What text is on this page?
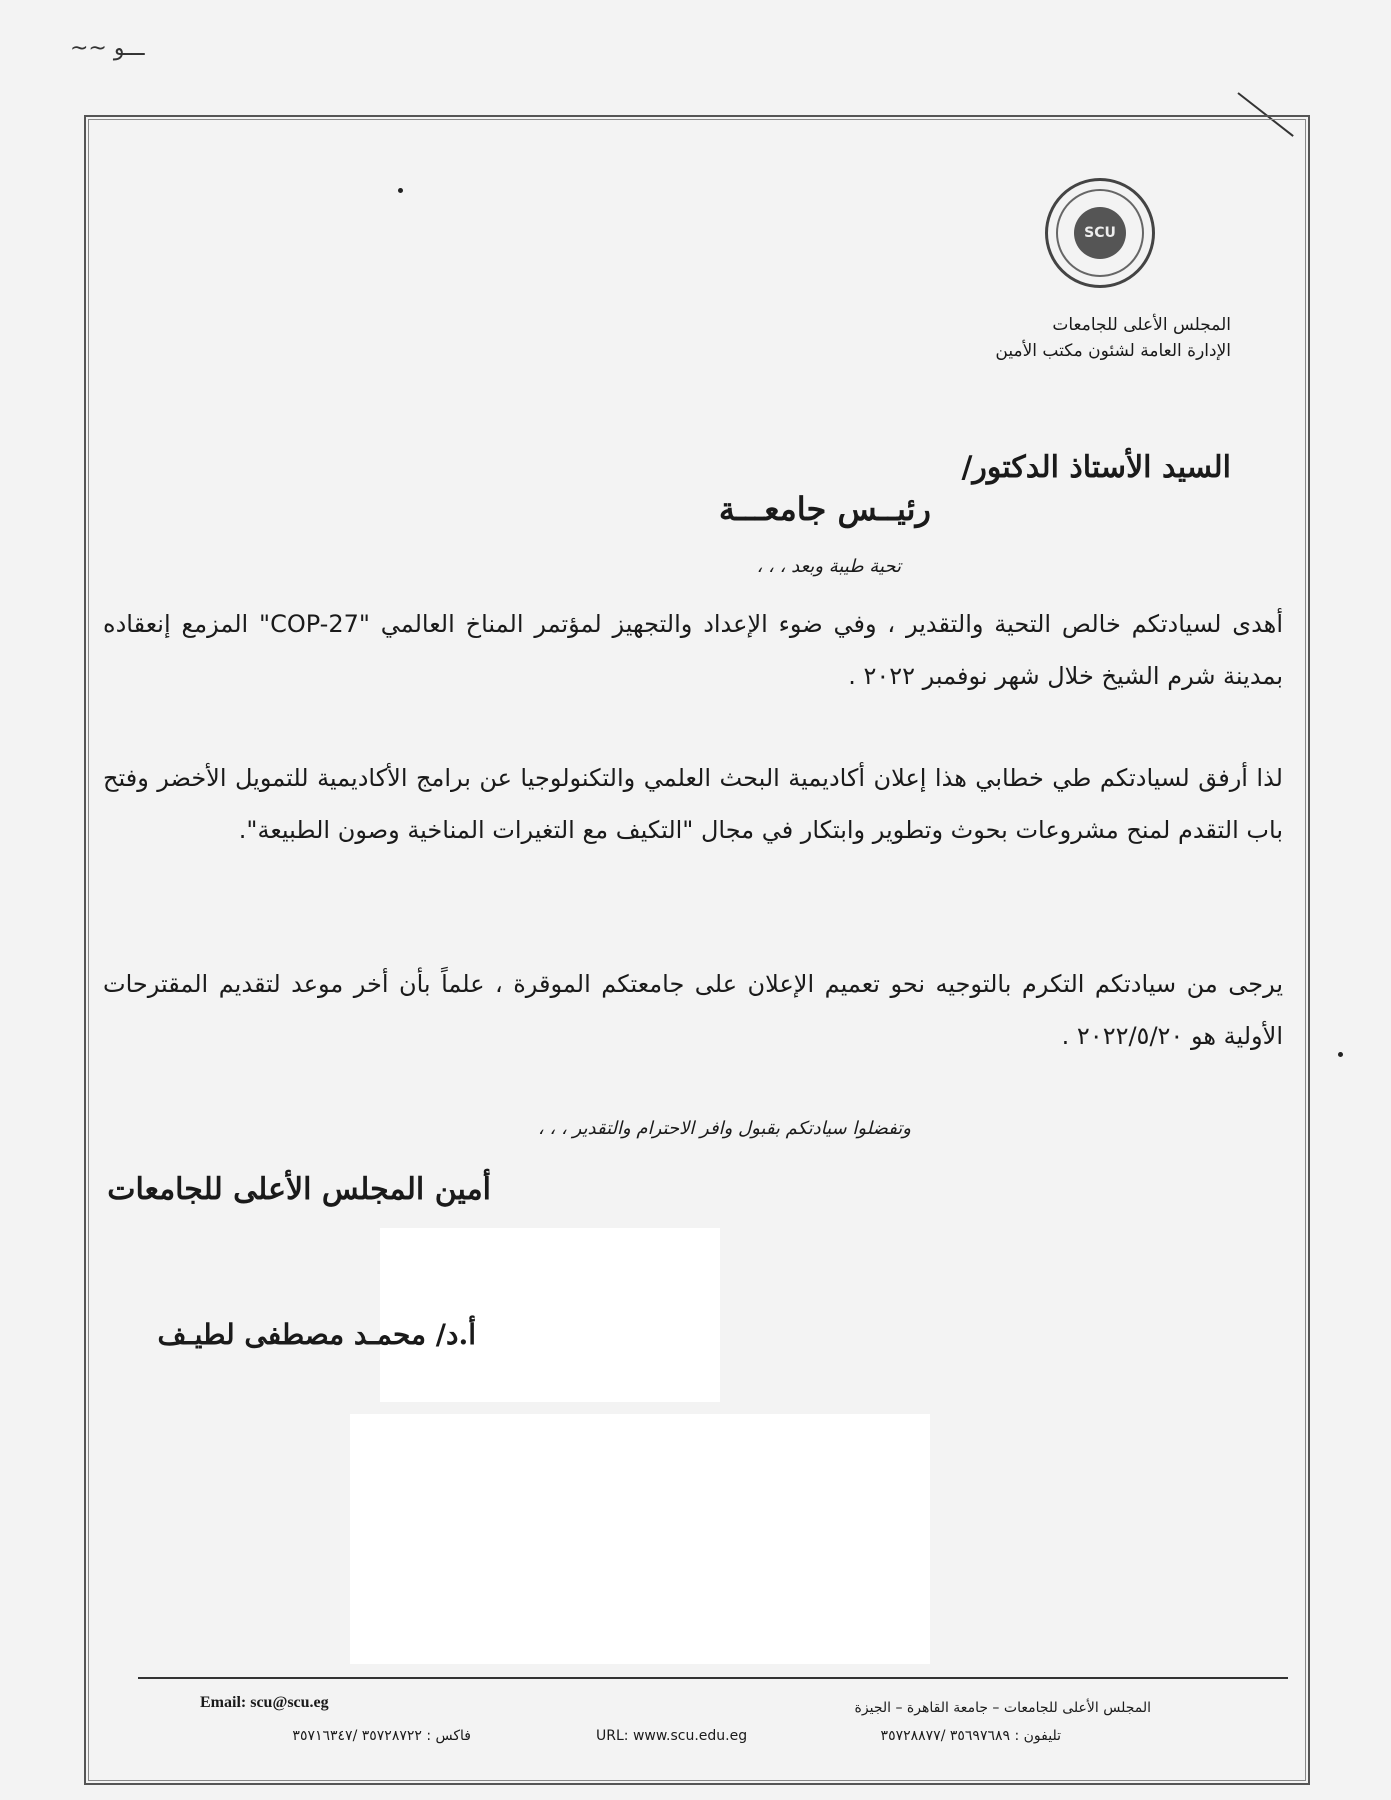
~~ ـــو
SCU
المجلس الأعلى للجامعات
الإدارة العامة لشئون مكتب الأمين
السيد الأستاذ الدكتور/
رئيــس جامعـــة
تحية طيبة وبعد ، ، ،
أهدى لسيادتكم خالص التحية والتقدير ، وفي ضوء الإعداد والتجهيز لمؤتمر المناخ العالمي "COP-27" المزمع إنعقاده بمدينة شرم الشيخ خلال شهر نوفمبر ٢٠٢٢ .
لذا أرفق لسيادتكم طي خطابي هذا إعلان أكاديمية البحث العلمي والتكنولوجيا عن برامج الأكاديمية للتمويل الأخضر وفتح باب التقدم لمنح مشروعات بحوث وتطوير وابتكار في مجال "التكيف مع التغيرات المناخية وصون الطبيعة".
يرجى من سيادتكم التكرم بالتوجيه نحو تعميم الإعلان على جامعتكم الموقرة ، علماً بأن أخر موعد لتقديم المقترحات الأولية هو ٢٠٢٢/٥/٢٠ .
وتفضلوا سيادتكم بقبول وافر الاحترام والتقدير ، ، ،
أمين المجلس الأعلى للجامعات
أ.د/ محمـد مصطفى لطيـف
Email: scu@scu.eg	المجلس الأعلى للجامعات – جامعة القاهرة – الجيزة
تليفون : ٣٥٦٩٧٦٨٩ /٣٥٧٢٨٨٧٧
URL: www.scu.edu.eg
فاكس : ٣٥٧٢٨٧٢٢ /٣٥٧١٦٣٤٧
